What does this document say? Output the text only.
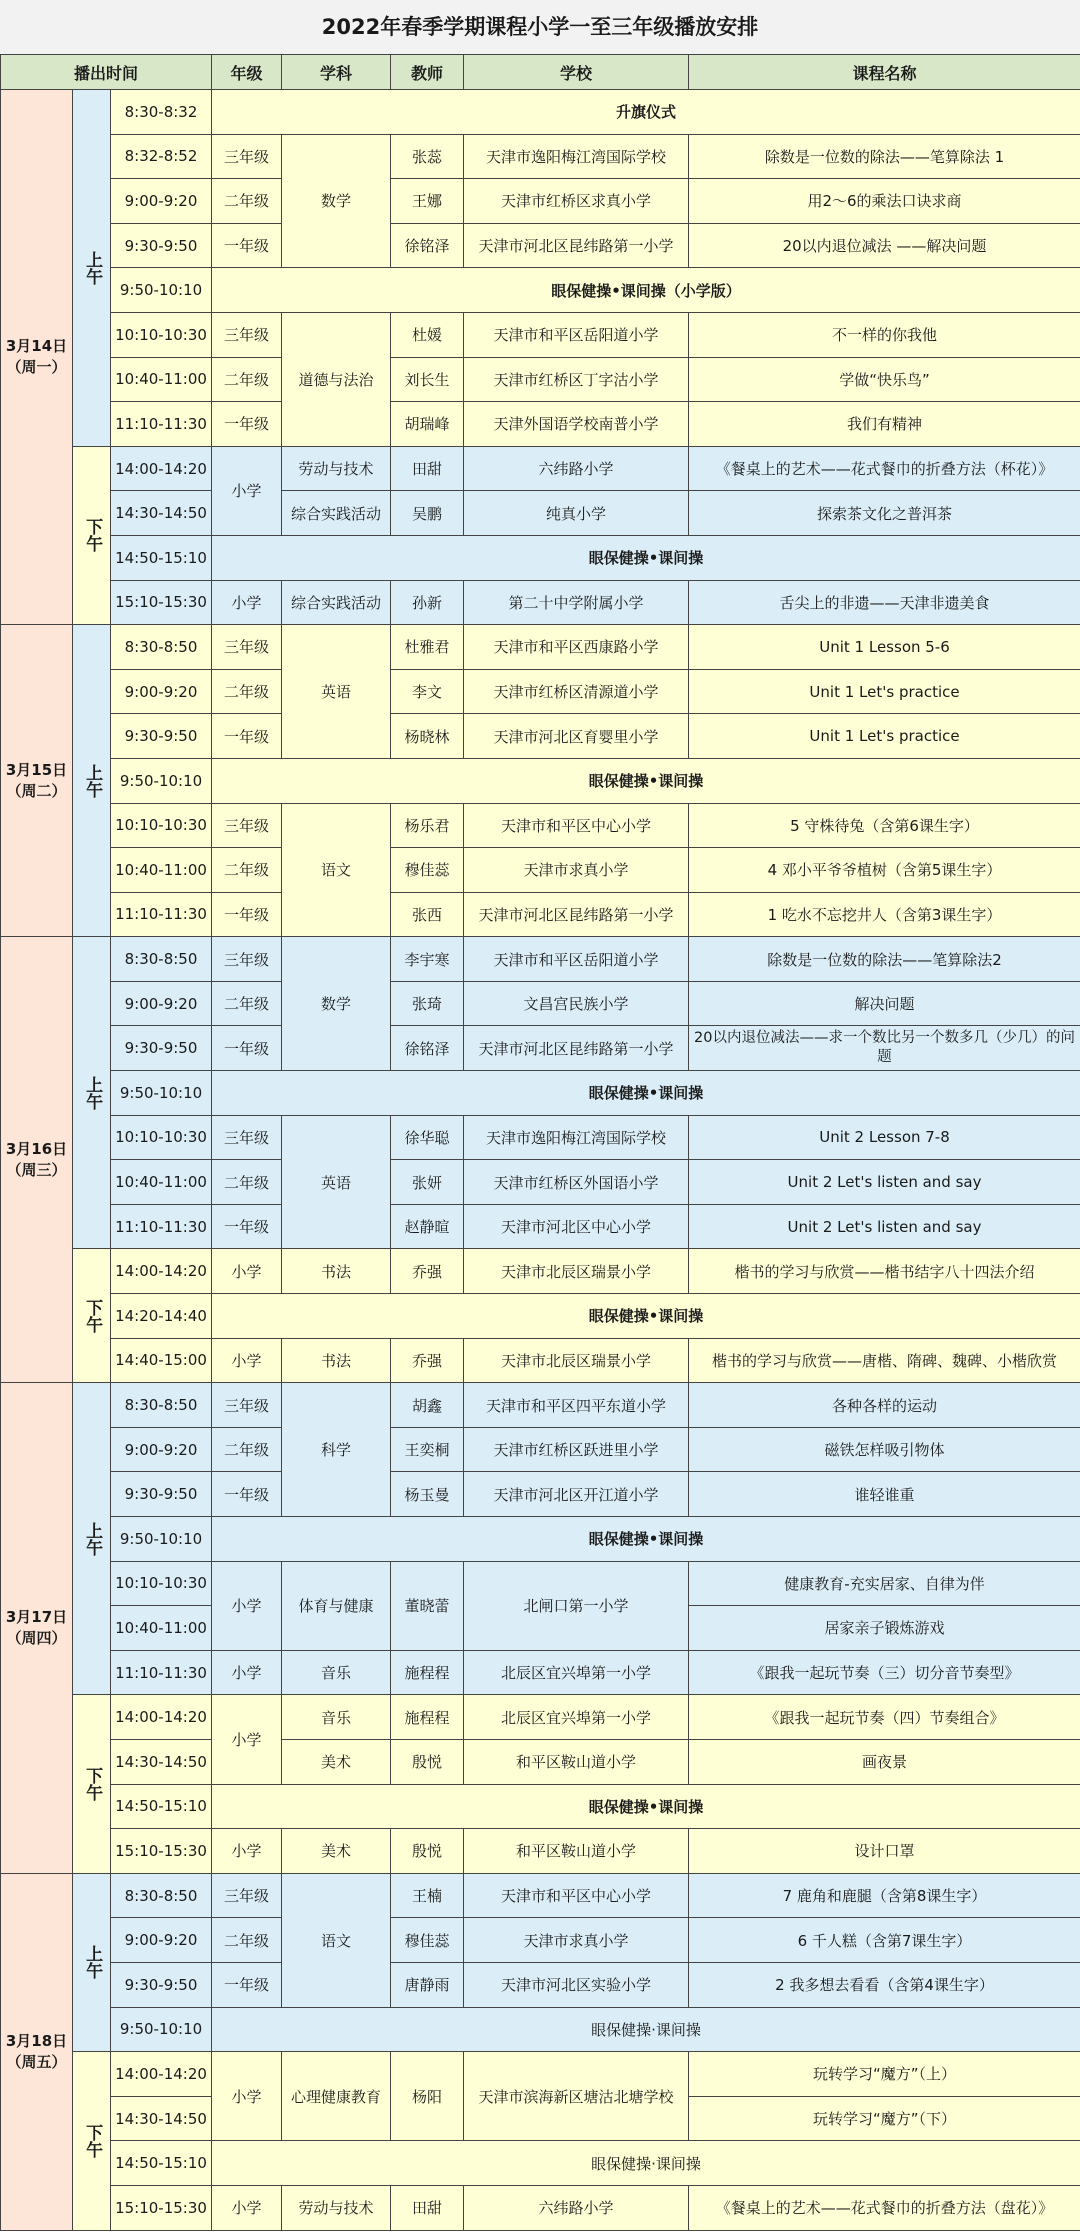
2022年春季学期课程小学一至三年级播放安排
播出时间			年级	学科	教师	学校	课程名称
3月14日
（周一）	上午	8:30-8:32	升旗仪式				
		8:32-8:52	三年级	数学	张蕊	天津市逸阳梅江湾国际学校	除数是一位数的除法——笔算除法 1
		9:00-9:20	二年级		王娜	天津市红桥区求真小学	用2～6的乘法口诀求商
		9:30-9:50	一年级		徐铭泽	天津市河北区昆纬路第一小学	20以内退位减法 ——解决问题
		9:50-10:10	眼保健操•课间操（小学版）				
		10:10-10:30	三年级	道德与法治	杜媛	天津市和平区岳阳道小学	不一样的你我他
		10:40-11:00	二年级		刘长生	天津市红桥区丁字沽小学	学做“快乐鸟”
		11:10-11:30	一年级		胡瑞峰	天津外国语学校南普小学	我们有精神
	下午	14:00-14:20	小学	劳动与技术	田甜	六纬路小学	《餐桌上的艺术——花式餐巾的折叠方法（杯花）》
		14:30-14:50		综合实践活动	吴鹏	纯真小学	探索茶文化之普洱茶
		14:50-15:10	眼保健操•课间操				
		15:10-15:30	小学	综合实践活动	孙新	第二十中学附属小学	舌尖上的非遗——天津非遗美食
3月15日
（周二）	上午	8:30-8:50	三年级	英语	杜雅君	天津市和平区西康路小学	Unit 1 Lesson 5-6
		9:00-9:20	二年级		李文	天津市红桥区清源道小学	Unit 1 Let's practice
		9:30-9:50	一年级		杨晓林	天津市河北区育婴里小学	Unit 1 Let's practice
		9:50-10:10	眼保健操•课间操				
		10:10-10:30	三年级	语文	杨乐君	天津市和平区中心小学	5 守株待兔（含第6课生字）
		10:40-11:00	二年级		穆佳蕊	天津市求真小学	4 邓小平爷爷植树（含第5课生字）
		11:10-11:30	一年级		张西	天津市河北区昆纬路第一小学	1 吃水不忘挖井人（含第3课生字）
3月16日
（周三）	上午	8:30-8:50	三年级	数学	李宇寒	天津市和平区岳阳道小学	除数是一位数的除法——笔算除法2
		9:00-9:20	二年级		张琦	文昌宫民族小学	解决问题
		9:30-9:50	一年级		徐铭泽	天津市河北区昆纬路第一小学	20以内退位减法——求一个数比另一个数多几（少几）的问题
		9:50-10:10	眼保健操•课间操				
		10:10-10:30	三年级	英语	徐华聪	天津市逸阳梅江湾国际学校	Unit 2 Lesson 7-8
		10:40-11:00	二年级		张妍	天津市红桥区外国语小学	Unit 2 Let's listen and say
		11:10-11:30	一年级		赵静暄	天津市河北区中心小学	Unit 2 Let's listen and say
	下午	14:00-14:20	小学	书法	乔强	天津市北辰区瑞景小学	楷书的学习与欣赏——楷书结字八十四法介绍
		14:20-14:40	眼保健操•课间操				
		14:40-15:00	小学	书法	乔强	天津市北辰区瑞景小学	楷书的学习与欣赏——唐楷、隋碑、魏碑、小楷欣赏
3月17日
（周四）	上午	8:30-8:50	三年级	科学	胡鑫	天津市和平区四平东道小学	各种各样的运动
		9:00-9:20	二年级		王奕桐	天津市红桥区跃进里小学	磁铁怎样吸引物体
		9:30-9:50	一年级		杨玉曼	天津市河北区开江道小学	谁轻谁重
		9:50-10:10	眼保健操•课间操				
		10:10-10:30	小学	体育与健康	董晓蕾	北闸口第一小学	健康教育-充实居家、自律为伴
		10:40-11:00					居家亲子锻炼游戏
		11:10-11:30	小学	音乐	施程程	北辰区宜兴埠第一小学	《跟我一起玩节奏（三）切分音节奏型》
	下午	14:00-14:20	小学	音乐	施程程	北辰区宜兴埠第一小学	《跟我一起玩节奏（四）节奏组合》
		14:30-14:50		美术	殷悦	和平区鞍山道小学	画夜景
		14:50-15:10	眼保健操•课间操				
		15:10-15:30	小学	美术	殷悦	和平区鞍山道小学	设计口罩
3月18日
（周五）	上午	8:30-8:50	三年级	语文	王楠	天津市和平区中心小学	7 鹿角和鹿腿（含第8课生字）
		9:00-9:20	二年级		穆佳蕊	天津市求真小学	6 千人糕（含第7课生字）
		9:30-9:50	一年级		唐静雨	天津市河北区实验小学	2 我多想去看看（含第4课生字）
		9:50-10:10	眼保健操·课间操				
	下午	14:00-14:20	小学	心理健康教育	杨阳	天津市滨海新区塘沽北塘学校	玩转学习“魔方”（上）
		14:30-14:50					玩转学习“魔方”（下）
		14:50-15:10	眼保健操·课间操				
		15:10-15:30	小学	劳动与技术	田甜	六纬路小学	《餐桌上的艺术——花式餐巾的折叠方法（盘花）》
